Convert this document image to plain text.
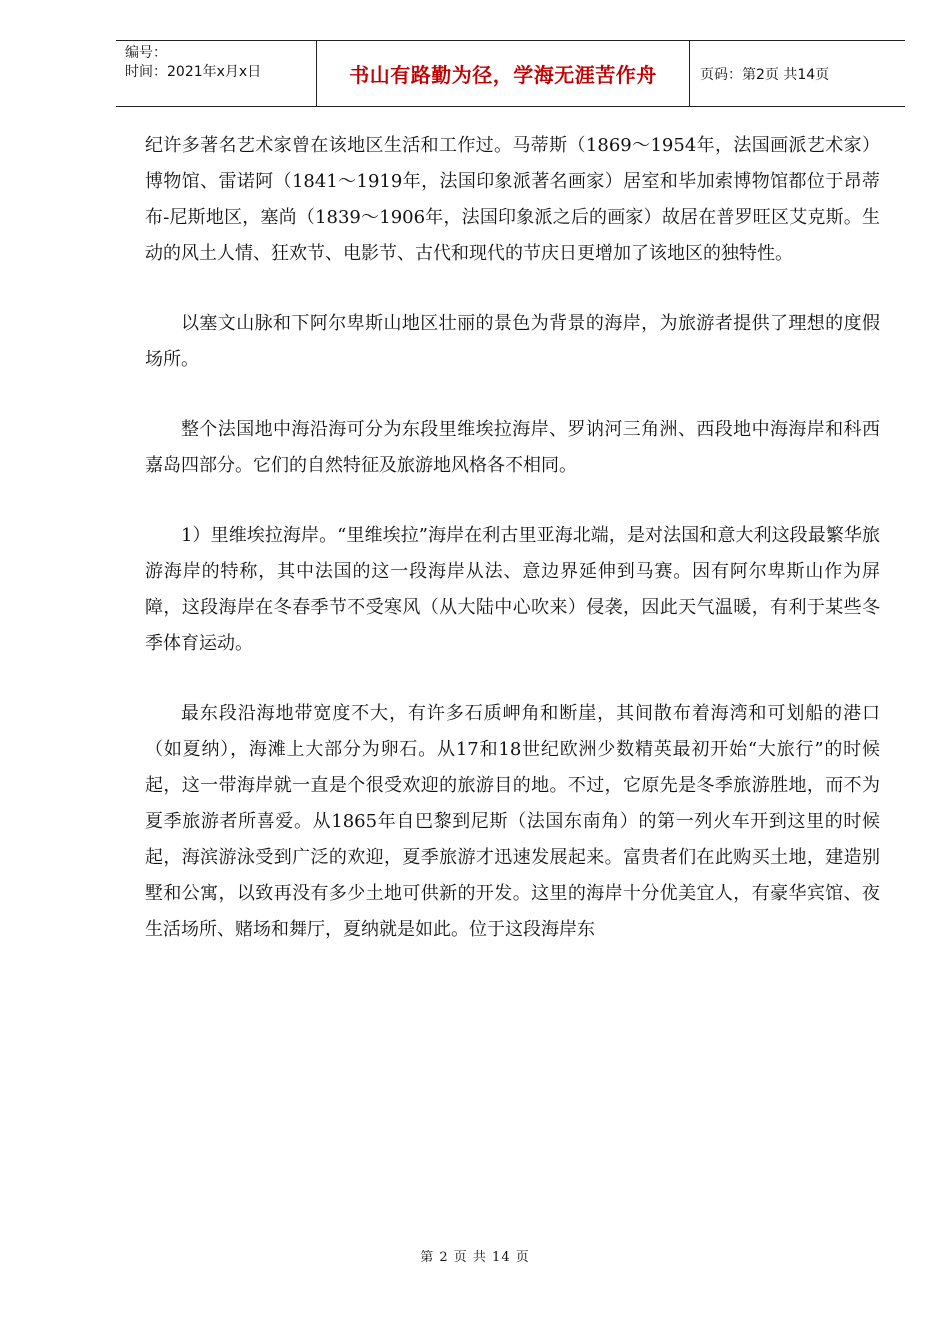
编号：
时间：2021年x月x日	书山有路勤为径，学海无涯苦作舟	页码：第2页 共14页

纪许多著名艺术家曾在该地区生活和工作过。马蒂斯（1869～1954年，法国画派艺术家）博物馆、雷诺阿（1841～1919年，法国印象派著名画家）居室和毕加索博物馆都位于昂蒂布-尼斯地区，塞尚（1839～1906年，法国印象派之后的画家）故居在普罗旺区艾克斯。生动的风土人情、狂欢节、电影节、古代和现代的节庆日更增加了该地区的独特性。

以塞文山脉和下阿尔卑斯山地区壮丽的景色为背景的海岸，为旅游者提供了理想的度假场所。

整个法国地中海沿海可分为东段里维埃拉海岸、罗讷河三角洲、西段地中海海岸和科西嘉岛四部分。它们的自然特征及旅游地风格各不相同。

1）里维埃拉海岸。“里维埃拉”海岸在利古里亚海北端，是对法国和意大利这段最繁华旅游海岸的特称，其中法国的这一段海岸从法、意边界延伸到马赛。因有阿尔卑斯山作为屏障，这段海岸在冬春季节不受寒风（从大陆中心吹来）侵袭，因此天气温暖，有利于某些冬季体育运动。

最东段沿海地带宽度不大，有许多石质岬角和断崖，其间散布着海湾和可划船的港口（如夏纳），海滩上大部分为卵石。从17和18世纪欧洲少数精英最初开始“大旅行”的时候起，这一带海岸就一直是个很受欢迎的旅游目的地。不过，它原先是冬季旅游胜地，而不为夏季旅游者所喜爱。从1865年自巴黎到尼斯（法国东南角）的第一列火车开到这里的时候起，海滨游泳受到广泛的欢迎，夏季旅游才迅速发展起来。富贵者们在此购买土地，建造别墅和公寓，以致再没有多少土地可供新的开发。这里的海岸十分优美宜人，有豪华宾馆、夜生活场所、赌场和舞厅，夏纳就是如此。位于这段海岸东

第 2 页 共 14 页
